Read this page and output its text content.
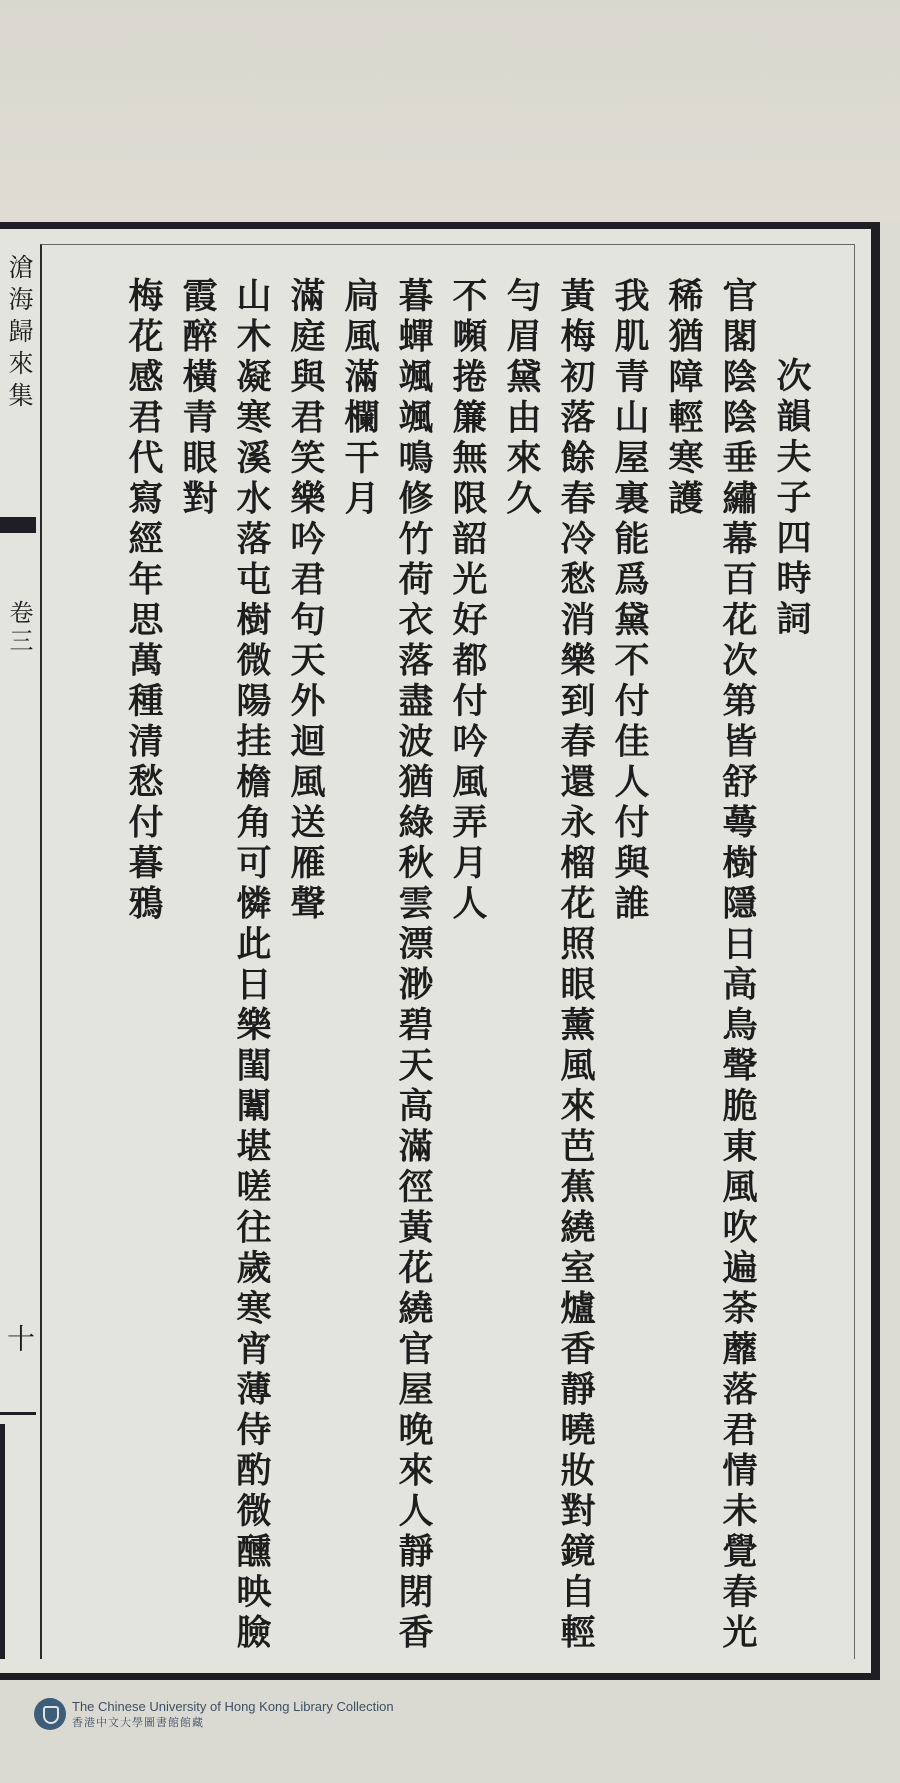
滄海歸來集
卷三
十

次韻夫子四時詞

官閣陰陰垂繡幕百花次第皆舒蕚樹隱日高鳥聲脆東風吹遍荼蘼落君情未覺春光稀猶障輕寒護

我肌青山屋裏能爲黛不付佳人付與誰

黃梅初落餘春冷愁消樂到春還永榴花照眼薰風來芭蕉繞室爐香靜曉妝對鏡自輕勻眉黛由來久

不嚬捲簾無限韶光好都付吟風弄月人

暮蟬颯颯鳴修竹荷衣落盡波猶綠秋雲漂渺碧天高滿徑黃花繞官屋晚來人靜閉香扃風滿欄干月

滿庭與君笑樂吟君句天外迴風送雁聲

山木凝寒溪水落屯樹微陽挂檐角可憐此日樂閨闈堪嗟往歲寒宵薄侍酌微醺映臉霞醉橫青眼對

梅花感君代寫經年思萬種清愁付暮鴉

The Chinese University of Hong Kong Library Collection
香港中文大學圖書館館藏
